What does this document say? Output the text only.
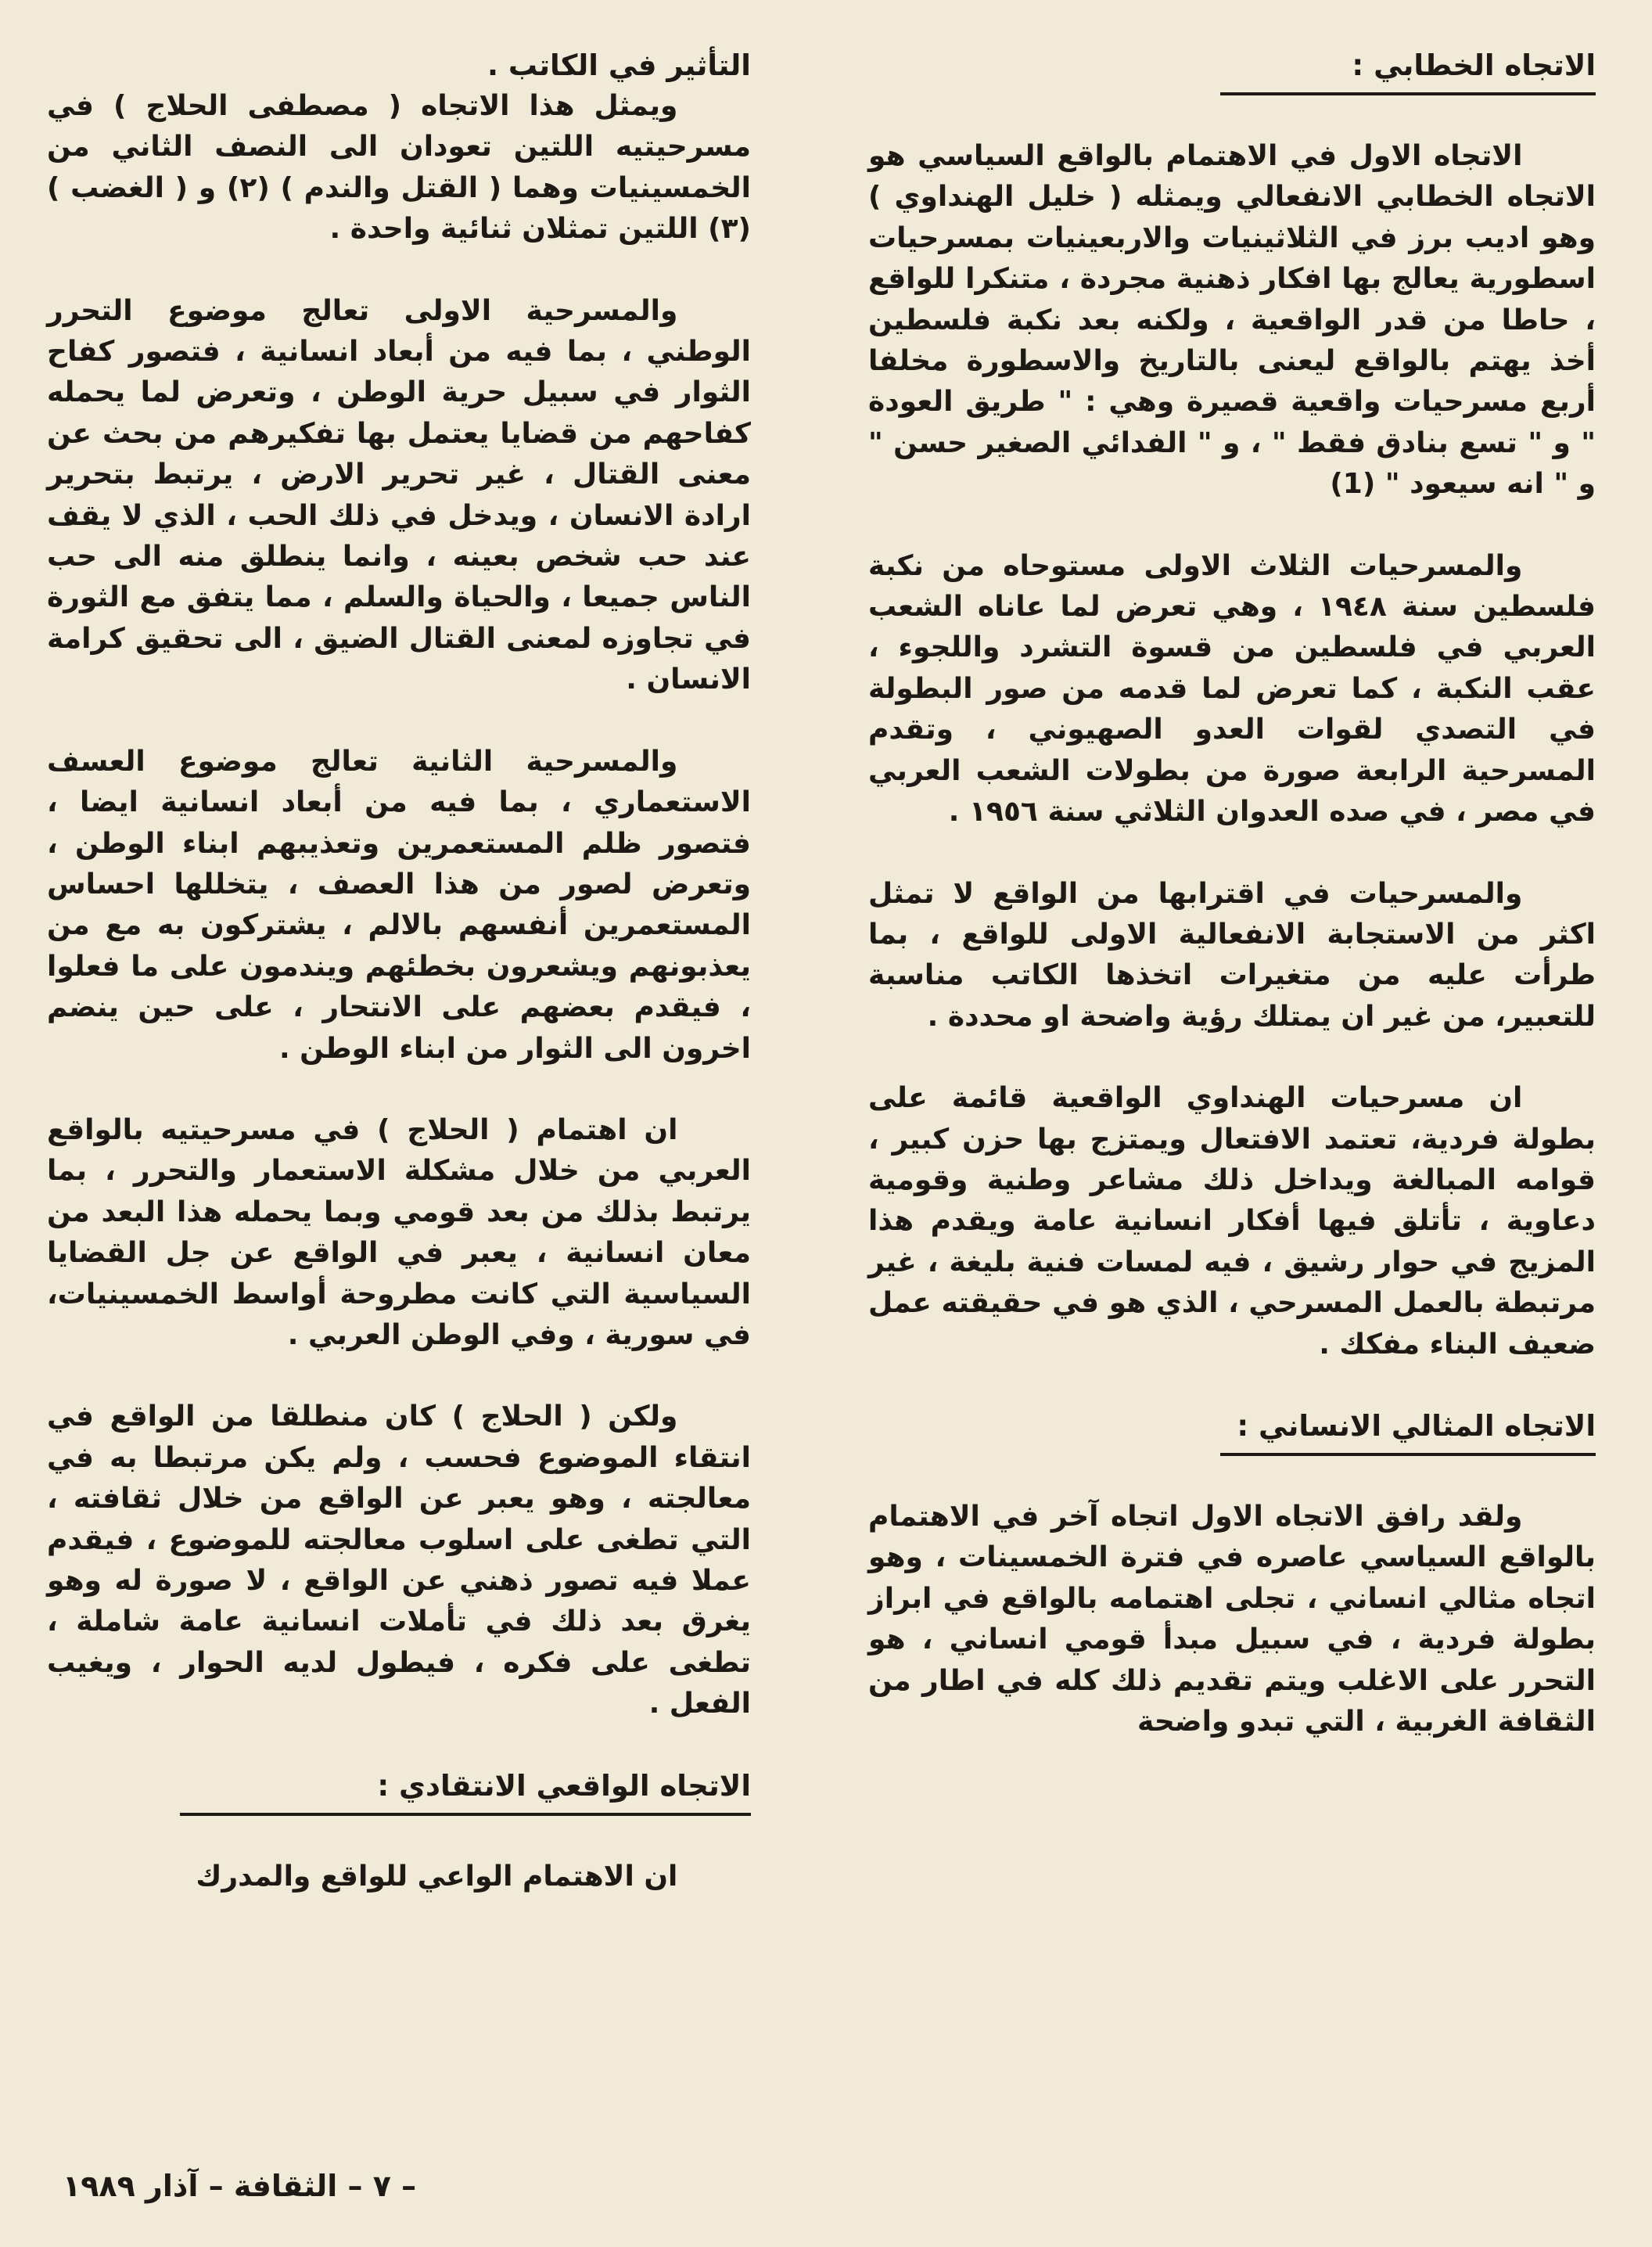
الاتجاه الخطابي :

الاتجاه الاول في الاهتمام بالواقع السياسي هو الاتجاه الخطابي الانفعالي ويمثله ( خليل الهنداوي ) وهو اديب برز في الثلاثينيات والاربعينيات بمسرحيات اسطورية يعالج بها افكار ذهنية مجردة ، متنكرا للواقع ، حاطا من قدر الواقعية ، ولكنه بعد نكبة فلسطين أخذ يهتم بالواقع ليعنى بالتاريخ والاسطورة مخلفا أربع مسرحيات واقعية قصيرة وهي : " طريق العودة " و " تسع بنادق فقط " ، و " الفدائي الصغير حسن " و " انه سيعود " (1)

والمسرحيات الثلاث الاولى مستوحاه من نكبة فلسطين سنة ١٩٤٨ ، وهي تعرض لما عاناه الشعب العربي في فلسطين من قسوة التشرد واللجوء ، عقب النكبة ، كما تعرض لما قدمه من صور البطولة في التصدي لقوات العدو الصهيوني ، وتقدم المسرحية الرابعة صورة من بطولات الشعب العربي في مصر ، في صده العدوان الثلاثي سنة ١٩٥٦ .

والمسرحيات في اقترابها من الواقع لا تمثل اكثر من الاستجابة الانفعالية الاولى للواقع ، بما طرأت عليه من متغيرات اتخذها الكاتب مناسبة للتعبير، من غير ان يمتلك رؤية واضحة او محددة .

ان مسرحيات الهنداوي الواقعية قائمة على بطولة فردية، تعتمد الافتعال ويمتزج بها حزن كبير ، قوامه المبالغة ويداخل ذلك مشاعر وطنية وقومية دعاوية ، تأتلق فيها أفكار انسانية عامة ويقدم هذا المزيج في حوار رشيق ، فيه لمسات فنية بليغة ، غير مرتبطة بالعمل المسرحي ، الذي هو في حقيقته عمل ضعيف البناء مفكك .

الاتجاه المثالي الانساني :

ولقد رافق الاتجاه الاول اتجاه آخر في الاهتمام بالواقع السياسي عاصره في فترة الخمسينات ، وهو اتجاه مثالي انساني ، تجلى اهتمامه بالواقع في ابراز بطولة فردية ، في سبيل مبدأ قومي انساني ، هو التحرر على الاغلب ويتم تقديم ذلك كله في اطار من الثقافة الغربية ، التي تبدو واضحة

التأثير في الكاتب .

ويمثل هذا الاتجاه ( مصطفى الحلاج ) في مسرحيتيه اللتين تعودان الى النصف الثاني من الخمسينيات وهما ( القتل والندم ) (٢) و ( الغضب ) (٣) اللتين تمثلان ثنائية واحدة .

والمسرحية الاولى تعالج موضوع التحرر الوطني ، بما فيه من أبعاد انسانية ، فتصور كفاح الثوار في سبيل حرية الوطن ، وتعرض لما يحمله كفاحهم من قضايا يعتمل بها تفكيرهم من بحث عن معنى القتال ، غير تحرير الارض ، يرتبط بتحرير ارادة الانسان ، ويدخل في ذلك الحب ، الذي لا يقف عند حب شخص بعينه ، وانما ينطلق منه الى حب الناس جميعا ، والحياة والسلم ، مما يتفق مع الثورة في تجاوزه لمعنى القتال الضيق ، الى تحقيق كرامة الانسان .

والمسرحية الثانية تعالج موضوع العسف الاستعماري ، بما فيه من أبعاد انسانية ايضا ، فتصور ظلم المستعمرين وتعذيبهم ابناء الوطن ، وتعرض لصور من هذا العصف ، يتخللها احساس المستعمرين أنفسهم بالالم ، يشتركون به مع من يعذبونهم ويشعرون بخطئهم ويندمون على ما فعلوا ، فيقدم بعضهم على الانتحار ، على حين ينضم اخرون الى الثوار من ابناء الوطن .

ان اهتمام ( الحلاج ) في مسرحيتيه بالواقع العربي من خلال مشكلة الاستعمار والتحرر ، بما يرتبط بذلك من بعد قومي وبما يحمله هذا البعد من معان انسانية ، يعبر في الواقع عن جل القضايا السياسية التي كانت مطروحة أواسط الخمسينيات، في سورية ، وفي الوطن العربي .

ولكن ( الحلاج ) كان منطلقا من الواقع في انتقاء الموضوع فحسب ، ولم يكن مرتبطا به في معالجته ، وهو يعبر عن الواقع من خلال ثقافته ، التي تطغى على اسلوب معالجته للموضوع ، فيقدم عملا فيه تصور ذهني عن الواقع ، لا صورة له وهو يغرق بعد ذلك في تأملات انسانية عامة شاملة ، تطغى على فكره ، فيطول لديه الحوار ، ويغيب الفعل .

الاتجاه الواقعي الانتقادي :

ان الاهتمام الواعي للواقع والمدرك

– ٧ – الثقافة – آذار ١٩٨٩
